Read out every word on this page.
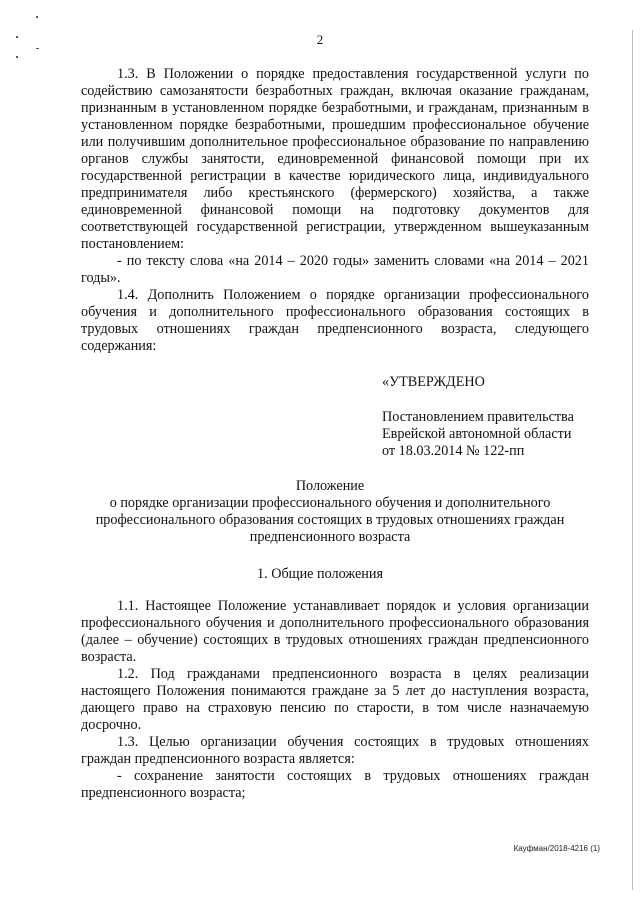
2

1.3. В Положении о порядке предоставления государственной услуги по содействию самозанятости безработных граждан, включая оказание гражданам, признанным в установленном порядке безработными, и гражданам, признанным в установленном порядке безработными, прошедшим профессиональное обучение или получившим дополнительное профессиональное образование по направлению органов службы занятости, единовременной финансовой помощи при их государственной регистрации в качестве юридического лица, индивидуального предпринимателя либо крестьянского (фермерского) хозяйства, а также единовременной финансовой помощи на подготовку документов для соответствующей государственной регистрации, утвержденном вышеуказанным постановлением:

- по тексту слова «на 2014 – 2020 годы» заменить словами «на 2014 – 2021 годы».

1.4. Дополнить Положением о порядке организации профессионального обучения и дополнительного профессионального образования состоящих в трудовых отношениях граждан предпенсионного возраста, следующего содержания:

«УТВЕРЖДЕНО

Постановлением правительства

Еврейской автономной области

от 18.03.2014 № 122-пп

Положение
о порядке организации профессионального обучения и дополнительного профессионального образования состоящих в трудовых отношениях граждан предпенсионного возраста
1. Общие положения

1.1. Настоящее Положение устанавливает порядок и условия организации профессионального обучения и дополнительного профессионального образования (далее – обучение) состоящих в трудовых отношениях граждан предпенсионного возраста.

1.2. Под гражданами предпенсионного возраста в целях реализации настоящего Положения понимаются граждане за 5 лет до наступления возраста, дающего право на страховую пенсию по старости, в том числе назначаемую досрочно.

1.3. Целью организации обучения состоящих в трудовых отношениях граждан предпенсионного возраста является:

- сохранение занятости состоящих в трудовых отношениях граждан предпенсионного возраста;

Кауфман/2018-4216 (1)
